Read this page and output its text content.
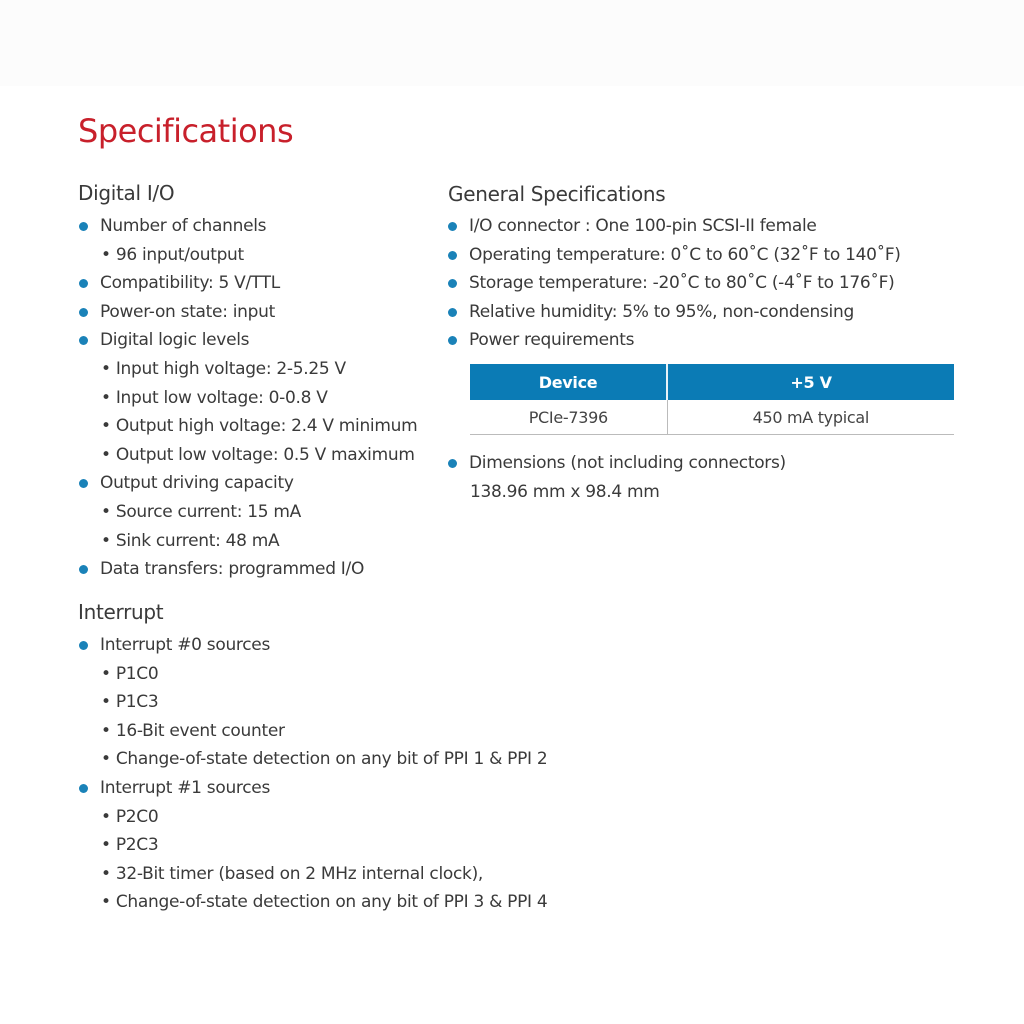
Specifications
Digital I/O
Number of channels
• 96 input/output
Compatibility: 5 V/TTL
Power-on state: input
Digital logic levels
• Input high voltage: 2-5.25 V
• Input low voltage: 0-0.8 V
• Output high voltage: 2.4 V minimum
• Output low voltage: 0.5 V maximum
Output driving capacity
• Source current: 15 mA
• Sink current: 48 mA
Data transfers: programmed I/O
Interrupt
Interrupt #0 sources
• P1C0
• P1C3
• 16-Bit event counter
• Change-of-state detection on any bit of PPI 1 & PPI 2
Interrupt #1 sources
• P2C0
• P2C3
• 32-Bit timer (based on 2 MHz internal clock),
• Change-of-state detection on any bit of PPI 3 & PPI 4
General Specifications
I/O connector : One 100-pin SCSI-II female
Operating temperature: 0˚C to 60˚C (32˚F to 140˚F)
Storage temperature: -20˚C to 80˚C (-4˚F to 176˚F)
Relative humidity: 5% to 95%, non-condensing
Power requirements
Device	+5 V
PCIe-7396	450 mA typical
Dimensions (not including connectors)
138.96 mm x 98.4 mm
